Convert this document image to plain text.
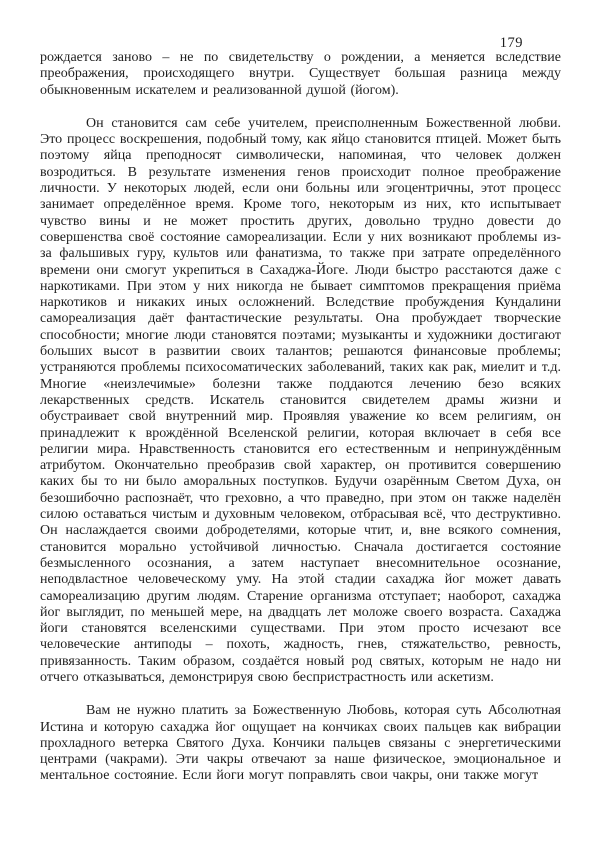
179

рождается заново – не по свидетельству о рождении, а меняется вследствие преображения, происходящего внутри. Существует большая разница между обыкновенным искателем и реализованной душой (йогом).

Он становится сам себе учителем, преисполненным Божественной любви. Это процесс воскрешения, подобный тому, как яйцо становится птицей. Может быть поэтому яйца преподносят символически, напоминая, что человек должен возродиться. В результате изменения генов происходит полное преображение личности. У некоторых людей, если они больны или эгоцентричны, этот процесс занимает определённое время. Кроме того, некоторым из них, кто испытывает чувство вины и не может простить других, довольно трудно довести до совершенства своё состояние самореализации. Если у них возникают проблемы из-за фальшивых гуру, культов или фанатизма, то также при затрате определённого времени они смогут укрепиться в Сахаджа-Йоге. Люди быстро расстаются даже с наркотиками. При этом у них никогда не бывает симптомов прекращения приёма наркотиков и никаких иных осложнений. Вследствие пробуждения Кундалини самореализация даёт фантастические результаты. Она пробуждает творческие способности; многие люди становятся поэтами; музыканты и художники достигают больших высот в развитии своих талантов; решаются финансовые проблемы; устраняются проблемы психосоматических заболеваний, таких как рак, миелит и т.д. Многие «неизлечимые» болезни также поддаются лечению безо всяких лекарственных средств. Искатель становится свидетелем драмы жизни и обустраивает свой внутренний мир. Проявляя уважение ко всем религиям, он принадлежит к врождённой Вселенской религии, которая включает в себя все религии мира. Нравственность становится его естественным и непринуждённым атрибутом. Окончательно преобразив свой характер, он противится совершению каких бы то ни было аморальных поступков. Будучи озарённым Светом Духа, он безошибочно распознаёт, что греховно, а что праведно, при этом он также наделён силою оставаться чистым и духовным человеком, отбрасывая всё, что деструктивно. Он наслаждается своими добродетелями, которые чтит, и, вне всякого сомнения, становится морально устойчивой личностью. Сначала достигается состояние безмысленного осознания, а затем наступает внесомнительное осознание, неподвластное человеческому уму. На этой стадии сахаджа йог может давать самореализацию другим людям. Старение организма отступает; наоборот, сахаджа йог выглядит, по меньшей мере, на двадцать лет моложе своего возраста. Сахаджа йоги становятся вселенскими существами. При этом просто исчезают все человеческие антиподы – похоть, жадность, гнев, стяжательство, ревность, привязанность. Таким образом, создаётся новый род святых, которым не надо ни отчего отказываться, демонстрируя свою беспристрастность или аскетизм.

Вам не нужно платить за Божественную Любовь, которая суть Абсолютная Истина и которую сахаджа йог ощущает на кончиках своих пальцев как вибрации прохладного ветерка Святого Духа. Кончики пальцев связаны с энергетическими центрами (чакрами). Эти чакры отвечают за наше физическое, эмоциональное и ментальное состояние. Если йоги могут поправлять свои чакры, они также могут
